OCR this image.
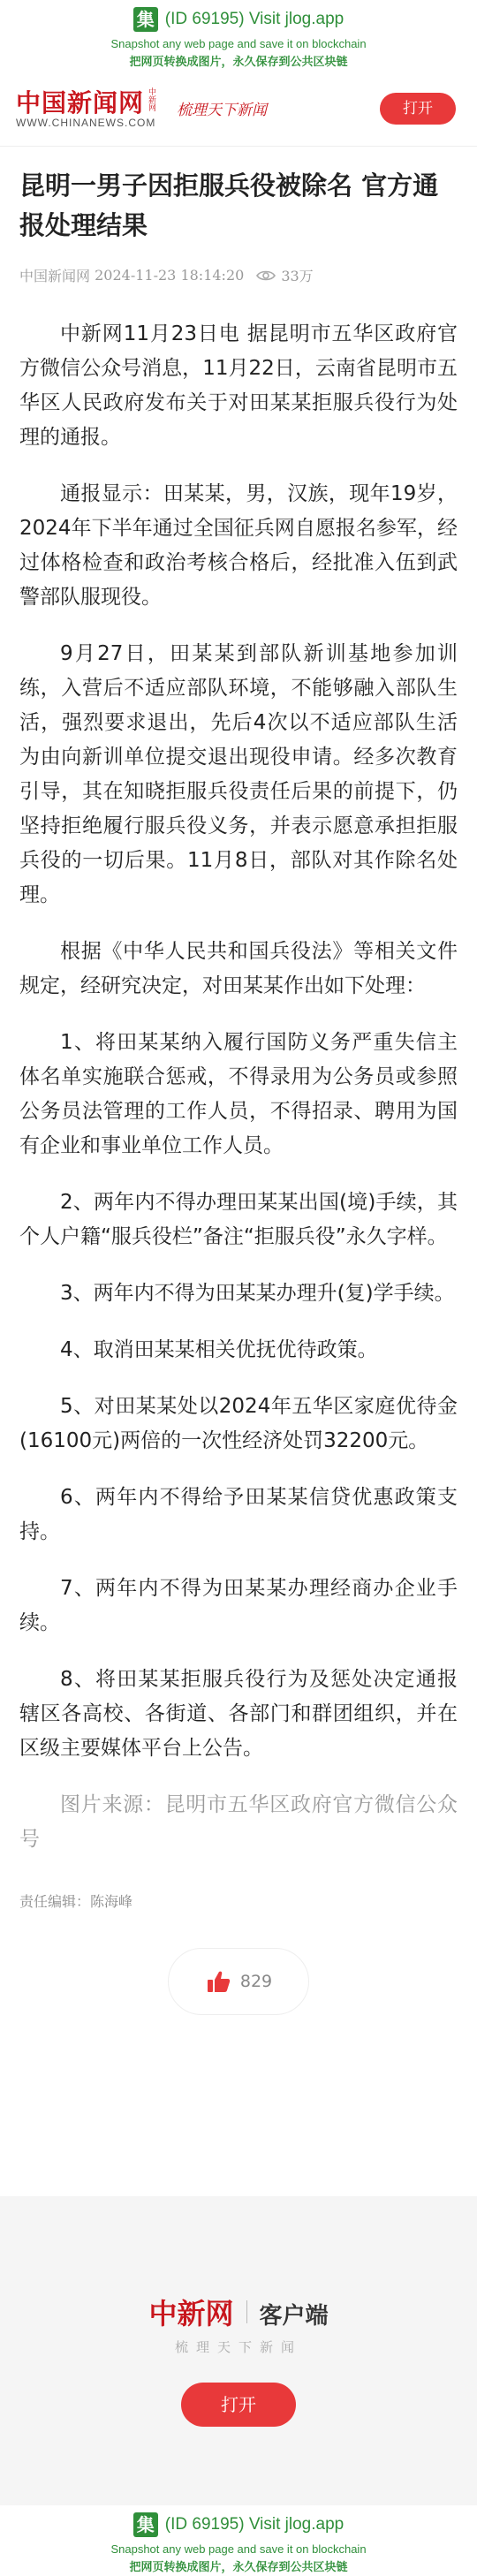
集 (ID 69195) Visit jlog.app
Snapshot any web page and save it on blockchain
把网页转换成图片，永久保存到公共区块链
中国新闻网 中新网
WWW.CHINANEWS.COM
梳理天下新闻	打开
昆明一男子因拒服兵役被除名 官方通报处理结果
中国新闻网
2024-11-23 18:14:20	33万

中新网11月23日电 据昆明市五华区政府官方微信公众号消息，11月22日，云南省昆明市五华区人民政府发布关于对田某某拒服兵役行为处理的通报。

通报显示：田某某，男，汉族，现年19岁，2024年下半年通过全国征兵网自愿报名参军，经过体格检查和政治考核合格后，经批准入伍到武警部队服现役。

9月27日，田某某到部队新训基地参加训练，入营后不适应部队环境，不能够融入部队生活，强烈要求退出，先后4次以不适应部队生活为由向新训单位提交退出现役申请。经多次教育引导，其在知晓拒服兵役责任后果的前提下，仍坚持拒绝履行服兵役义务，并表示愿意承担拒服兵役的一切后果。11月8日，部队对其作除名处理。

根据《中华人民共和国兵役法》等相关文件规定，经研究决定，对田某某作出如下处理：

1、将田某某纳入履行国防义务严重失信主体名单实施联合惩戒，不得录用为公务员或参照公务员法管理的工作人员，不得招录、聘用为国有企业和事业单位工作人员。

2、两年内不得办理田某某出国(境)手续，其个人户籍“服兵役栏”备注“拒服兵役”永久字样。

3、两年内不得为田某某办理升(复)学手续。

4、取消田某某相关优抚优待政策。

5、对田某某处以2024年五华区家庭优待金(16100元)两倍的一次性经济处罚32200元。

6、两年内不得给予田某某信贷优惠政策支持。

7、两年内不得为田某某办理经商办企业手续。

8、将田某某拒服兵役行为及惩处决定通报辖区各高校、各街道、各部门和群团组织，并在区级主要媒体平台上公告。

图片来源：昆明市五华区政府官方微信公众号

责任编辑：陈海峰
829
中新网 客户端
梳理天下新闻
打开
集 (ID 69195) Visit jlog.app
Snapshot any web page and save it on blockchain
把网页转换成图片，永久保存到公共区块链
